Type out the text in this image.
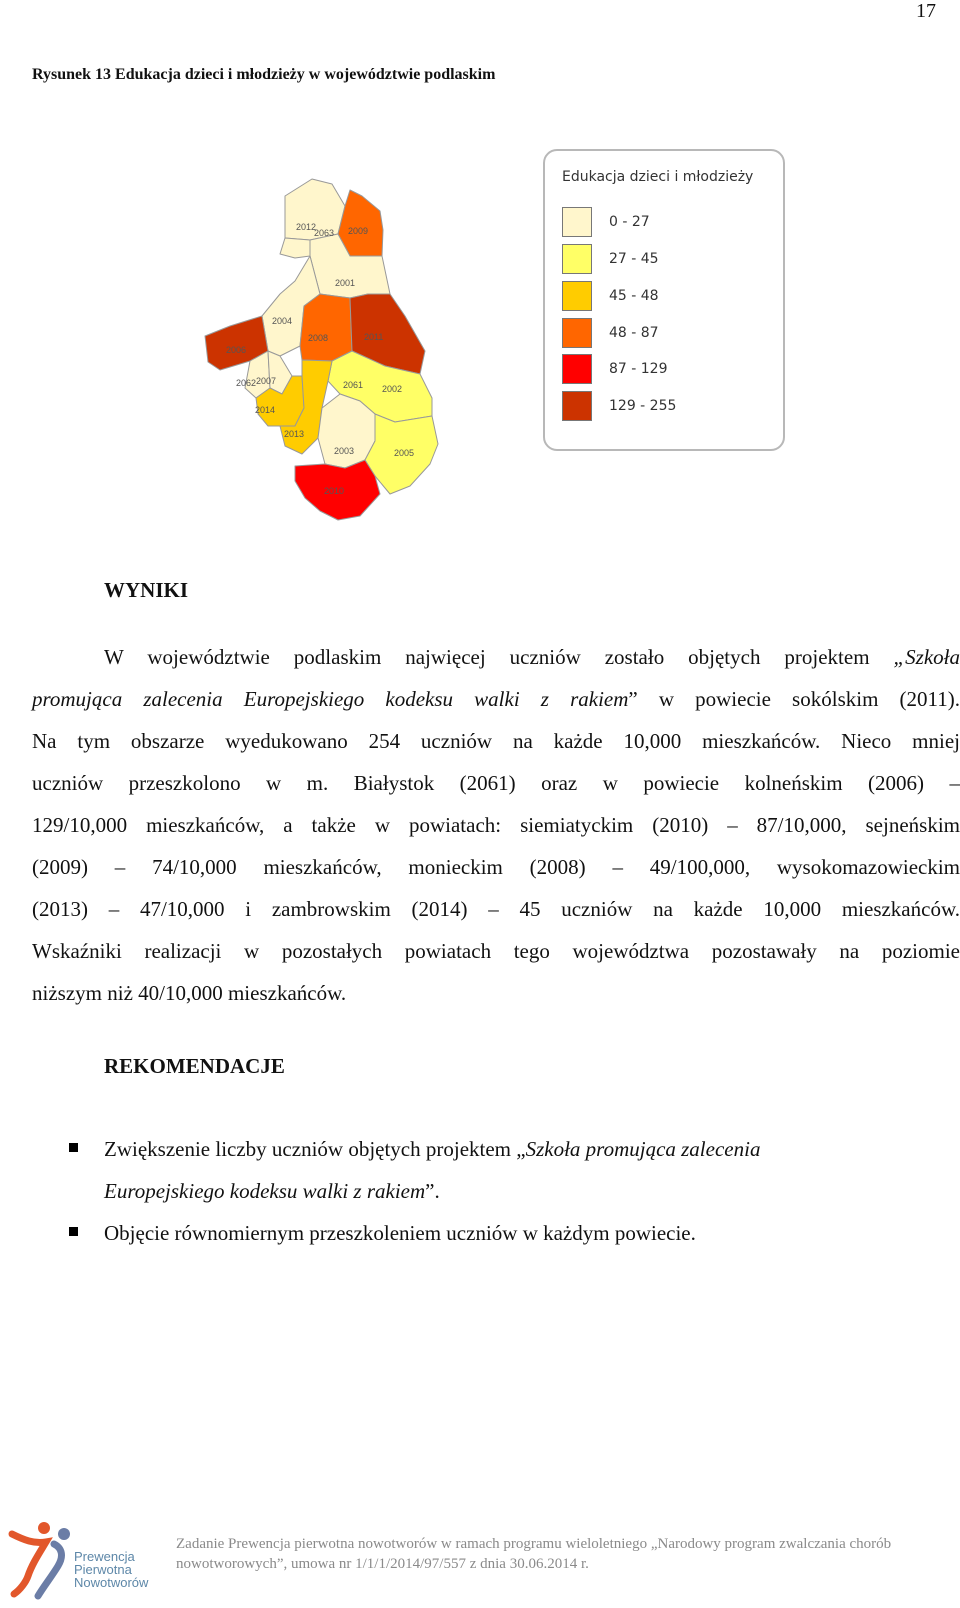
17
Rysunek 13 Edukacja dzieci i młodzieży w województwie podlaskim
2012
2063 2009
2001
2004
2008	2011
2006
2062 2007	2061 2002
2014
2013
2003	2005
2010
Edukacja dzieci i młodzieży
0 - 27
27 - 45
45 - 48
48 - 87
87 - 129
129 - 255
WYNIKI

W województwie podlaskim najwięcej uczniów zostało objętych projektem „Szkoła
promująca zalecenia Europejskiego kodeksu walki z rakiem” w powiecie sokólskim (2011).
Na tym obszarze wyedukowano 254 uczniów na każde 10,000 mieszkańców. Nieco mniej
uczniów przeszkolono w m. Białystok (2061) oraz w powiecie kolneńskim (2006) –
129/10,000 mieszkańców, a także w powiatach: siemiatyckim (2010) – 87/10,000, sejneńskim
(2009) – 74/10,000 mieszkańców, monieckim (2008) – 49/100,000, wysokomazowieckim
(2013) – 47/10,000 i zambrowskim (2014) – 45 uczniów na każde 10,000 mieszkańców.
Wskaźniki realizacji w pozostałych powiatach tego województwa pozostawały na poziomie
niższym niż 40/10,000 mieszkańców.

REKOMENDACJE
Zwiększenie liczby uczniów objętych projektem „Szkoła promująca zalecenia
Europejskiego kodeksu walki z rakiem”.
Objęcie równomiernym przeszkoleniem uczniów w każdym powiecie.
Prewencja
Pierwotna
Nowotworów
Zadanie Prewencja pierwotna nowotworów w ramach programu wieloletniego „Narodowy program zwalczania chorób
nowotworowych”, umowa nr 1/1/1/2014/97/557 z dnia 30.06.2014 r.
